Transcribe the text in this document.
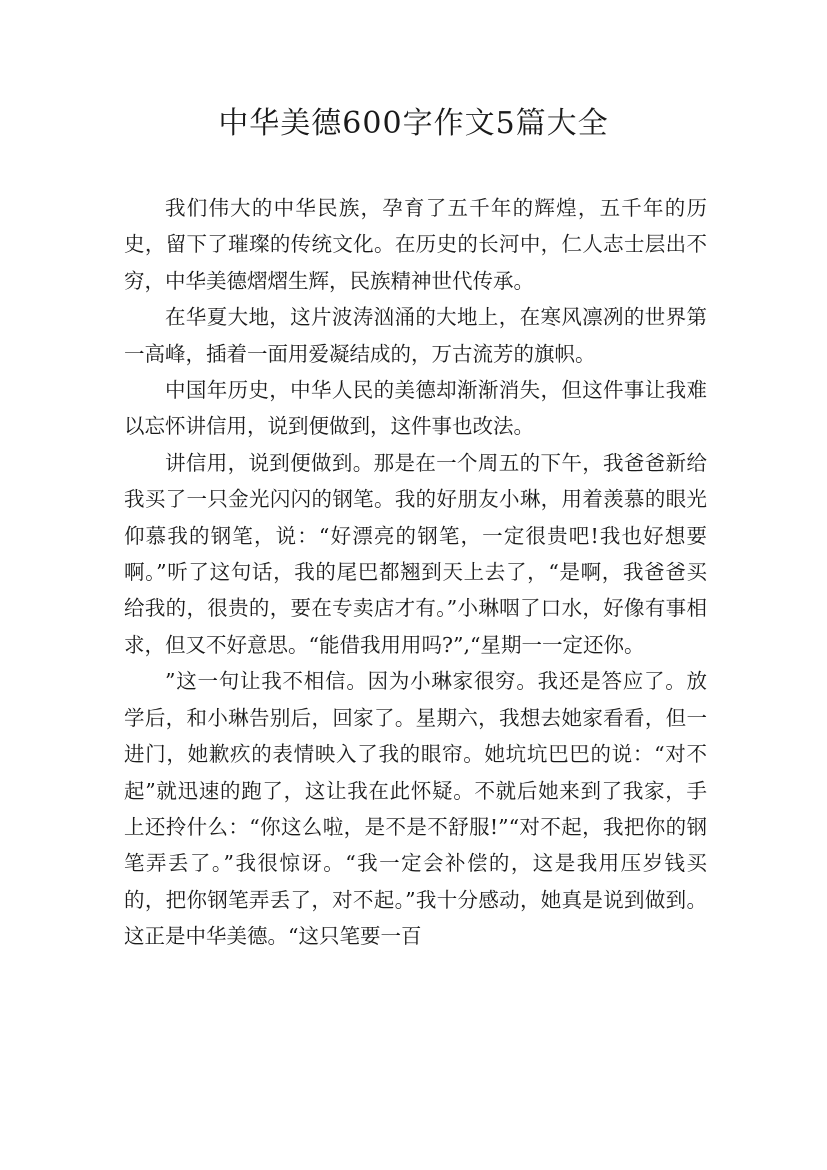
中华美德600字作文5篇大全

我们伟大的中华民族，孕育了五千年的辉煌，五千年的历史，留下了璀璨的传统文化。在历史的长河中，仁人志士层出不穷，中华美德熠熠生辉，民族精神世代传承。

在华夏大地，这片波涛汹涌的大地上，在寒风凛冽的世界第一高峰，插着一面用爱凝结成的，万古流芳的旗帜。

中国年历史，中华人民的美德却渐渐消失，但这件事让我难以忘怀讲信用，说到便做到，这件事也改法。

讲信用，说到便做到。那是在一个周五的下午，我爸爸新给我买了一只金光闪闪的钢笔。我的好朋友小琳，用着羡慕的眼光仰慕我的钢笔，说：“好漂亮的钢笔，一定很贵吧!我也好想要啊。”听了这句话，我的尾巴都翘到天上去了，“是啊，我爸爸买给我的，很贵的，要在专卖店才有。”小琳咽了口水，好像有事相求，但又不好意思。“能借我用用吗?”,“星期一一定还你。

”这一句让我不相信。因为小琳家很穷。我还是答应了。放学后，和小琳告别后，回家了。星期六，我想去她家看看，但一进门，她歉疚的表情映入了我的眼帘。她坑坑巴巴的说：“对不起”就迅速的跑了，这让我在此怀疑。不就后她来到了我家，手上还拎什么：“你这么啦，是不是不舒服!”“对不起，我把你的钢笔弄丢了。”我很惊讶。“我一定会补偿的，这是我用压岁钱买的，把你钢笔弄丢了，对不起。”我十分感动，她真是说到做到。这正是中华美德。“这只笔要一百
